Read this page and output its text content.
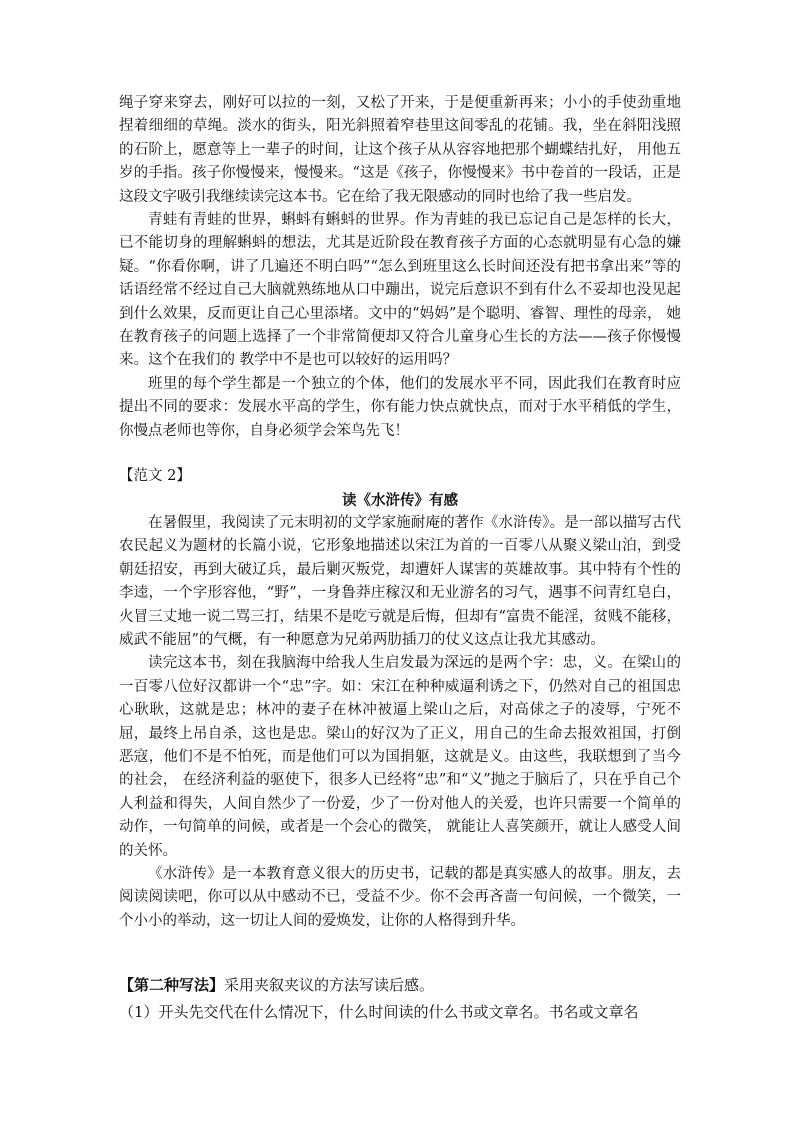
绳子穿来穿去，刚好可以拉的一刻，又松了开来，于是便重新再来；小小的手使劲重地捏着细细的草绳。淡水的街头，阳光斜照着窄巷里这间零乱的花铺。我，坐在斜阳浅照的石阶上，愿意等上一辈子的时间，让这个孩子从从容容地把那个蝴蝶结扎好， 用他五岁的手指。孩子你慢慢来，慢慢来。“这是《孩子，你慢慢来》书中卷首的一段话，正是这段文字吸引我继续读完这本书。它在给了我无限感动的同时也给了我一些启发。

青蛙有青蛙的世界，蝌蚪有蝌蚪的世界。作为青蛙的我已忘记自己是怎样的长大，已不能切身的理解蝌蚪的想法，尤其是近阶段在教育孩子方面的心态就明显有心急的嫌疑。“你看你啊，讲了几遍还不明白吗”“怎么到班里这么长时间还没有把书拿出来”等的话语经常不经过自己大脑就熟练地从口中蹦出，说完后意识不到有什么不妥却也没见起到什么效果，反而更让自己心里添堵。文中的“妈妈”是个聪明、睿智、理性的母亲， 她在教育孩子的问题上选择了一个非常简便却又符合儿童身心生长的方法——孩子你慢慢来。这个在我们的 教学中不是也可以较好的运用吗？

班里的每个学生都是一个独立的个体，他们的发展水平不同，因此我们在教育时应提出不同的要求：发展水平高的学生，你有能力快点就快点，而对于水平稍低的学生，你慢点老师也等你，自身必须学会笨鸟先飞！

【范文 2】

读《水浒传》有感

在暑假里，我阅读了元末明初的文学家施耐庵的著作《水浒传》。是一部以描写古代农民起义为题材的长篇小说，它形象地描述以宋江为首的一百零八从聚义梁山泊，到受朝廷招安，再到大破辽兵，最后剿灭叛党，却遭奸人谋害的英雄故事。其中特有个性的李逵，一个字形容他，“野”，一身鲁莽庄稼汉和无业游名的习气，遇事不问青红皂白，火冒三丈地一说二骂三打，结果不是吃亏就是后悔，但却有“富贵不能淫，贫贱不能移，威武不能屈”的气概，有一种愿意为兄弟两肋插刀的仗义这点让我尤其感动。

读完这本书，刻在我脑海中给我人生启发最为深远的是两个字：忠，义。在梁山的一百零八位好汉都讲一个“忠”字。如：宋江在种种威逼利诱之下，仍然对自己的祖国忠心耿耿，这就是忠；林冲的妻子在林冲被逼上梁山之后，对高俅之子的凌辱，宁死不屈，最终上吊自杀，这也是忠。梁山的好汉为了正义，用自己的生命去报效祖国，打倒恶寇，他们不是不怕死，而是他们可以为国捐躯，这就是义。由这些，我联想到了当今的社会， 在经济利益的驱使下，很多人已经将“忠”和“义”抛之于脑后了，只在乎自己个人利益和得失，人间自然少了一份爱，少了一份对他人的关爱，也许只需要一个简单的动作，一句简单的问候，或者是一个会心的微笑， 就能让人喜笑颜开，就让人感受人间的关怀。

《水浒传》是一本教育意义很大的历史书，记载的都是真实感人的故事。朋友，去阅读阅读吧，你可以从中感动不已，受益不少。你不会再吝啬一句问候，一个微笑，一个小小的举动，这一切让人间的爱焕发，让你的人格得到升华。

【第二种写法】采用夹叙夹议的方法写读后感。

（1）开头先交代在什么情况下，什么时间读的什么书或文章名。书名或文章名
